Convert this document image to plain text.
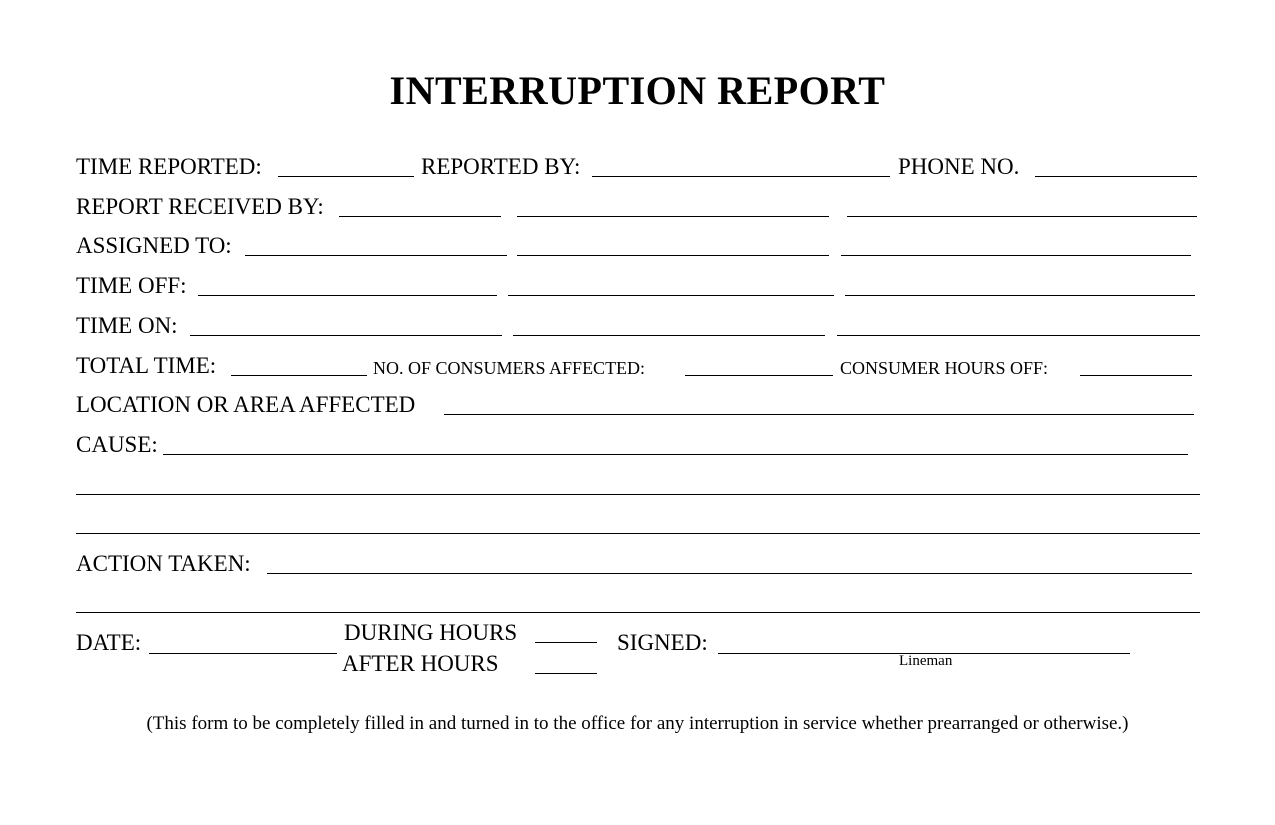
INTERRUPTION REPORT
TIME REPORTED:	REPORTED BY:	PHONE NO.
REPORT RECEIVED BY:
ASSIGNED TO:
TIME OFF:
TIME ON:
TOTAL TIME:	NO. OF CONSUMERS AFFECTED:	CONSUMER HOURS OFF:
LOCATION OR AREA AFFECTED
CAUSE:
ACTION TAKEN:
DATE:	DURING HOURS
AFTER HOURS
SIGNED:
Lineman
(This form to be completely filled in and turned in to the office for any interruption in service whether prearranged or otherwise.)
